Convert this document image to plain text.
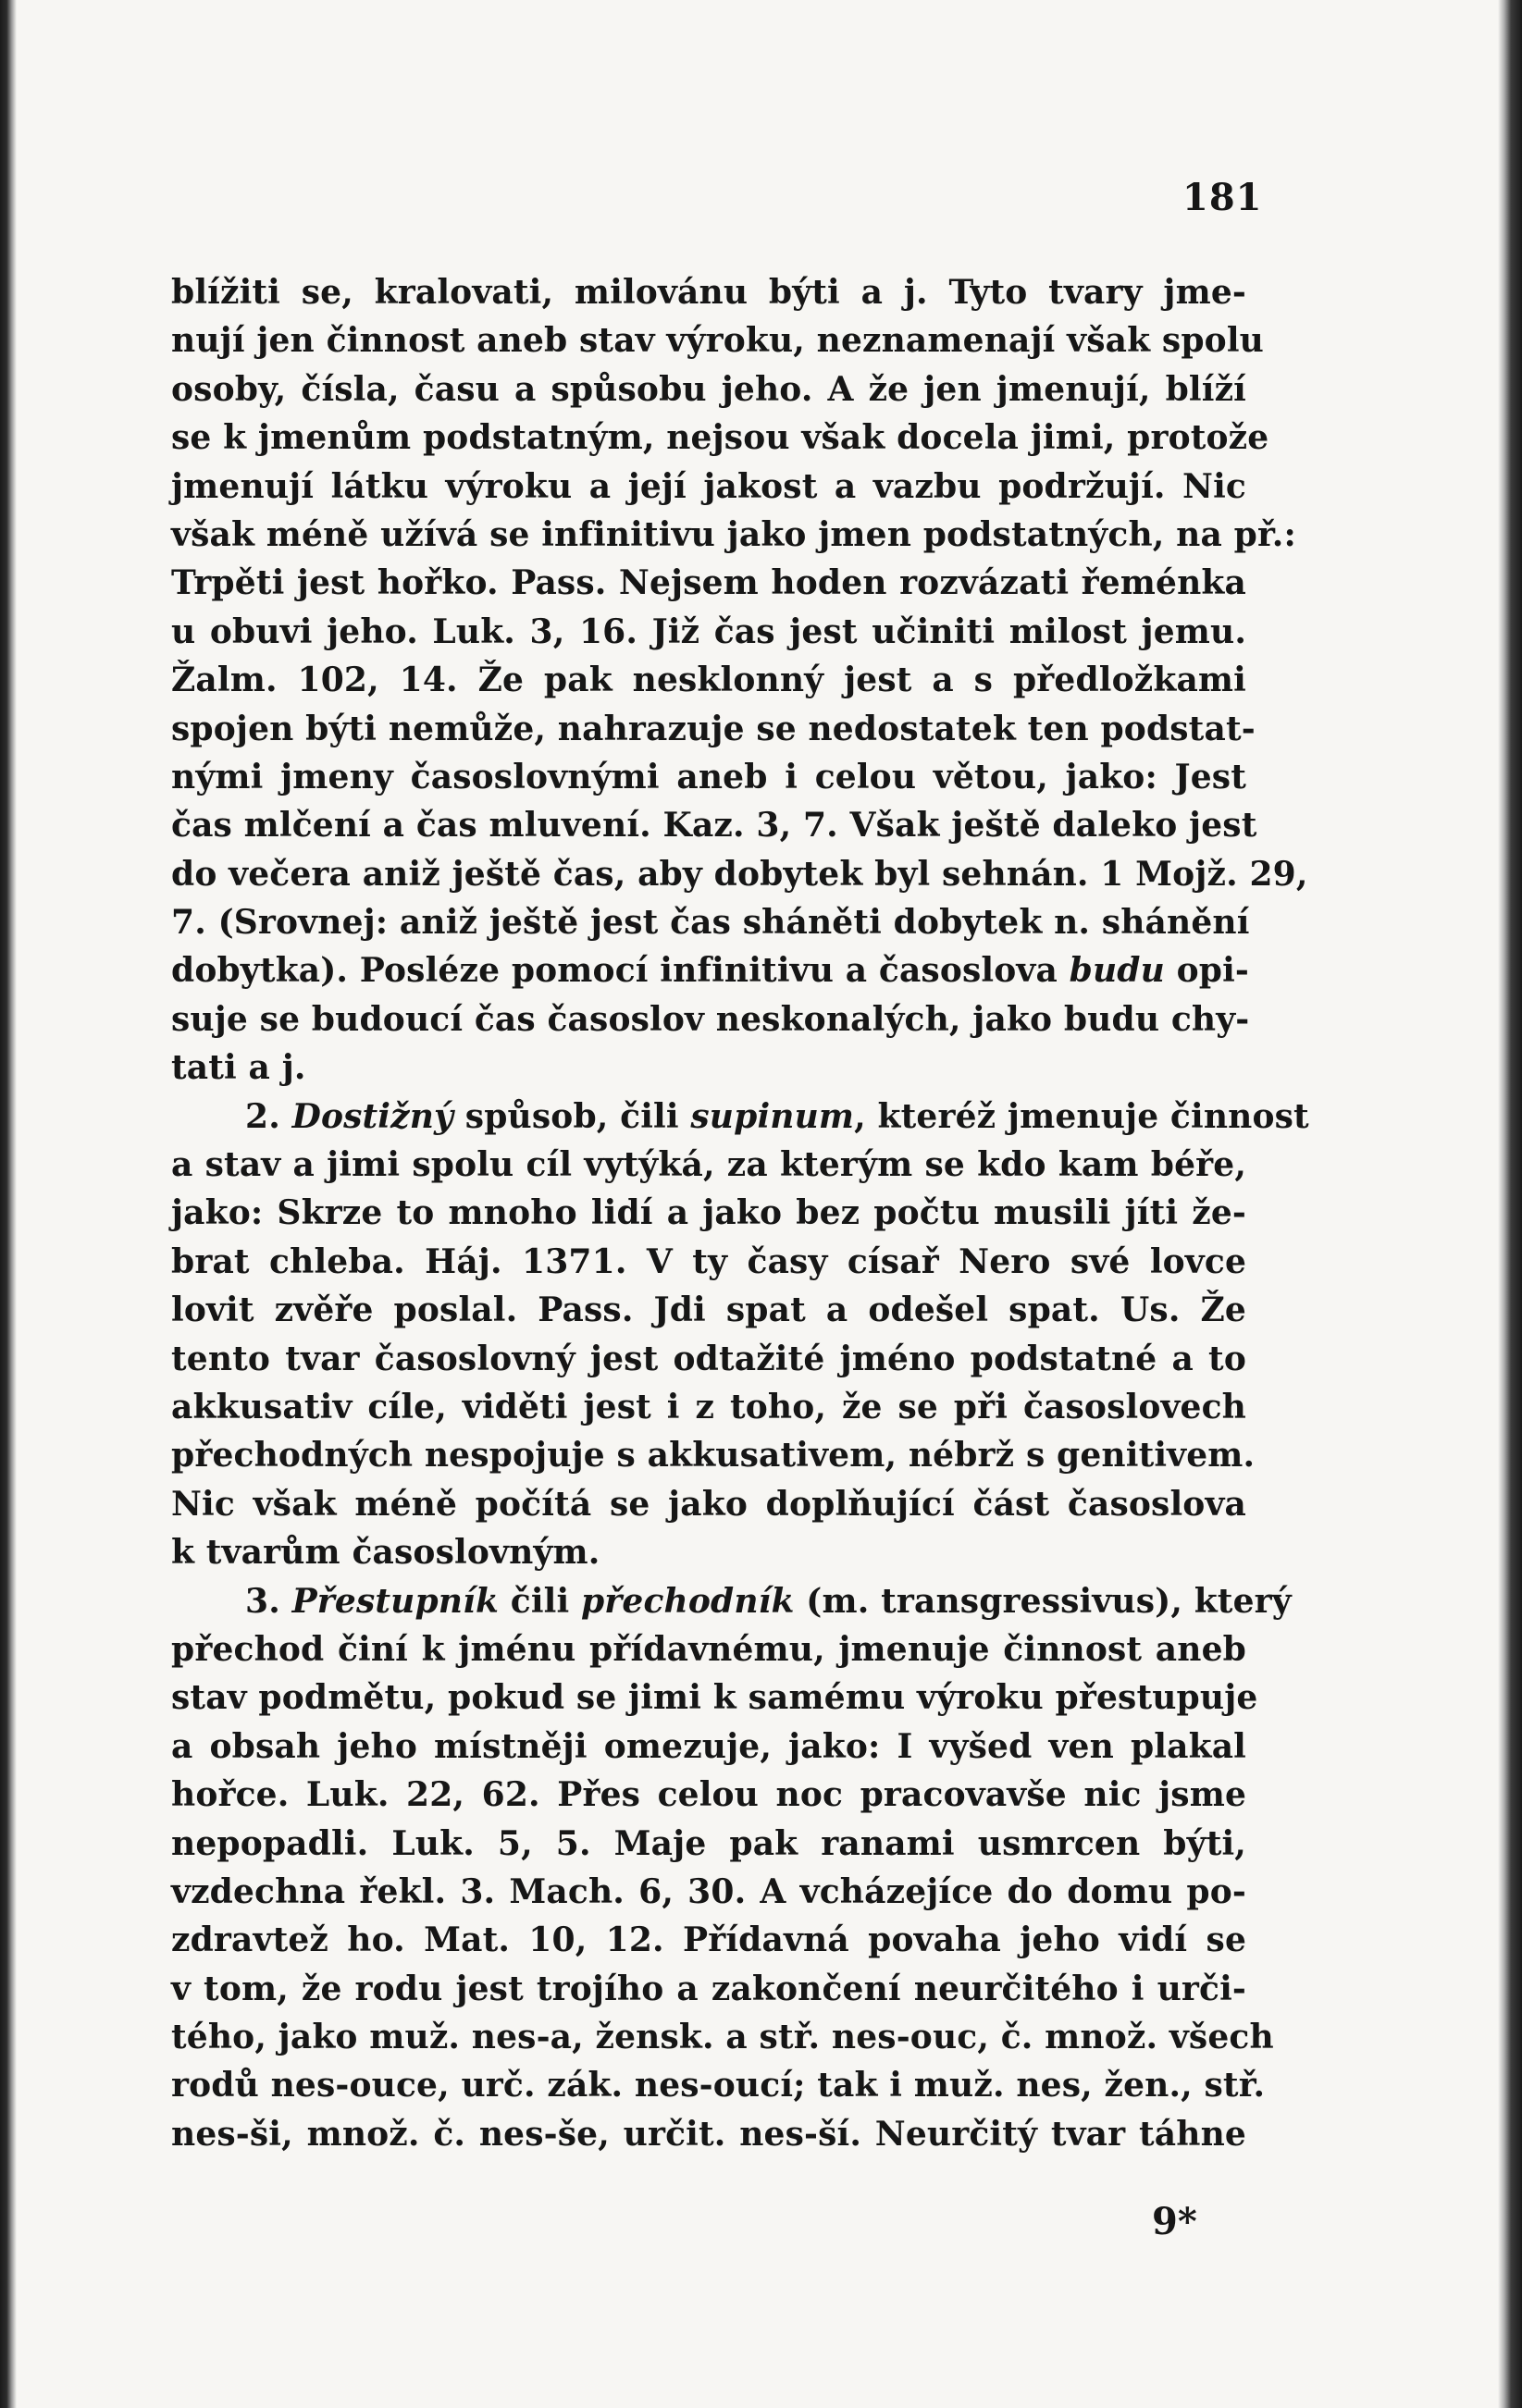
181
blížiti se, kralovati, milovánu býti a j. Tyto tvary jme-
nují jen činnost aneb stav výroku, neznamenají však spolu
osoby, čísla, času a spůsobu jeho. A že jen jmenují, blíží
se k jmenům podstatným, nejsou však docela jimi, protože
jmenují látku výroku a její jakost a vazbu podržují. Nic
však méně užívá se infinitivu jako jmen podstatných, na př.:
Trpěti jest hořko. Pass. Nejsem hoden rozvázati řeménka
u obuvi jeho. Luk. 3, 16. Již čas jest učiniti milost jemu.
Žalm. 102, 14. Že pak nesklonný jest a s předložkami
spojen býti nemůže, nahrazuje se nedostatek ten podstat-
nými jmeny časoslovnými aneb i celou větou, jako: Jest
čas mlčení a čas mluvení. Kaz. 3, 7. Však ještě daleko jest
do večera aniž ještě čas, aby dobytek byl sehnán. 1 Mojž. 29,
7. (Srovnej: aniž ještě jest čas sháněti dobytek n. shánění
dobytka). Posléze pomocí infinitivu a časoslova budu opi-
suje se budoucí čas časoslov neskonalých, jako budu chy-
tati a j.
2. Dostižný spůsob, čili supinum, kteréž jmenuje činnost
a stav a jimi spolu cíl vytýká, za kterým se kdo kam béře,
jako: Skrze to mnoho lidí a jako bez počtu musili jíti že-
brat chleba. Háj. 1371. V ty časy císař Nero své lovce
lovit zvěře poslal. Pass. Jdi spat a odešel spat. Us. Že
tento tvar časoslovný jest odtažité jméno podstatné a to
akkusativ cíle, viděti jest i z toho, že se při časoslovech
přechodných nespojuje s akkusativem, nébrž s genitivem.
Nic však méně počítá se jako doplňující část časoslova
k tvarům časoslovným.
3. Přestupník čili přechodník (m. transgressivus), který
přechod činí k jménu přídavnému, jmenuje činnost aneb
stav podmětu, pokud se jimi k samému výroku přestupuje
a obsah jeho místněji omezuje, jako: I vyšed ven plakal
hořce. Luk. 22, 62. Přes celou noc pracovavše nic jsme
nepopadli. Luk. 5, 5. Maje pak ranami usmrcen býti,
vzdechna řekl. 3. Mach. 6, 30. A vcházejíce do domu po-
zdravtež ho. Mat. 10, 12. Přídavná povaha jeho vidí se
v tom, že rodu jest trojího a zakončení neurčitého i urči-
tého, jako muž. nes-a, žensk. a stř. nes-ouc, č. množ. všech
rodů nes-ouce, urč. zák. nes-oucí; tak i muž. nes, žen., stř.
nes-ši, množ. č. nes-še, určit. nes-ší. Neurčitý tvar táhne
9*
